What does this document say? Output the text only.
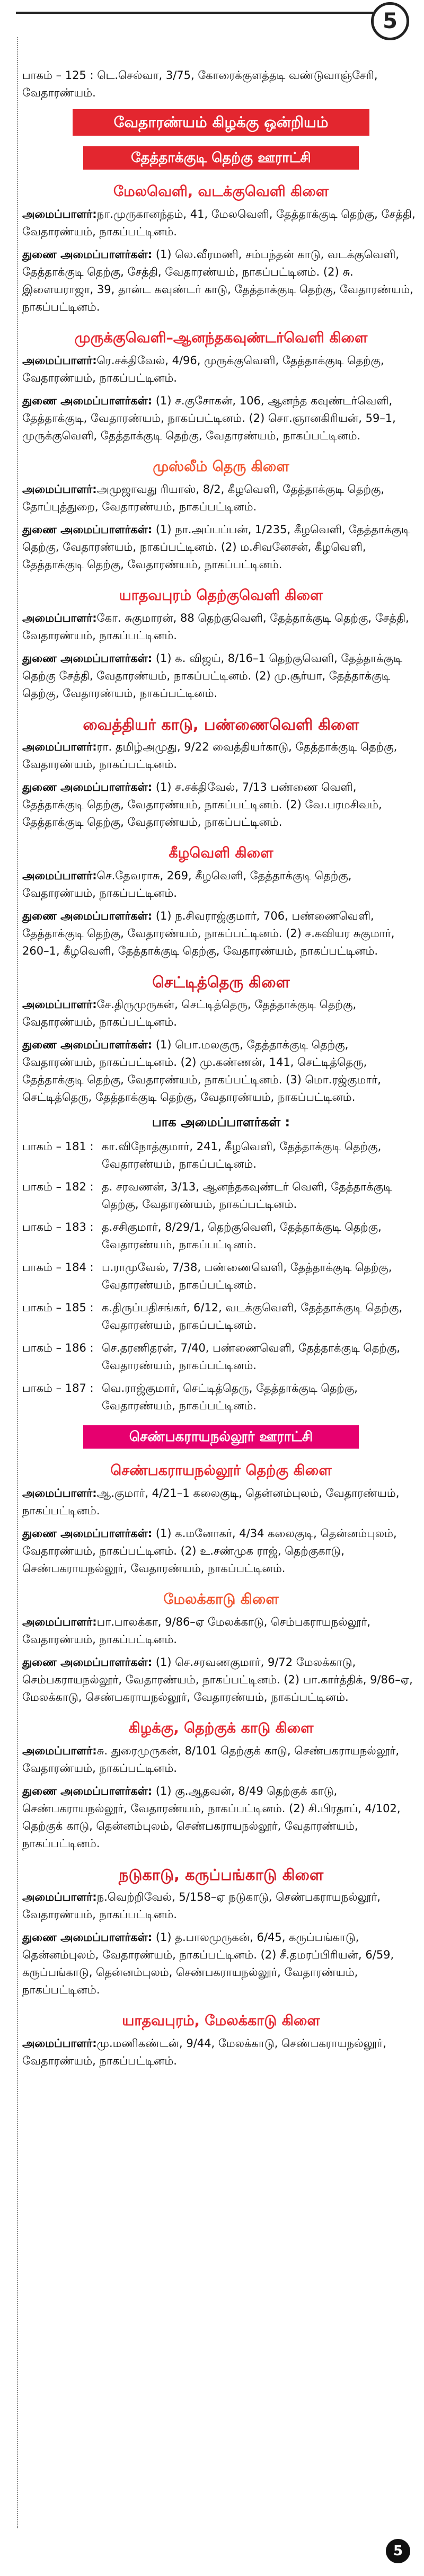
5
பாகம் – 125 : டெ.செல்வா, 3/75, கோரைக்குளத்தடி வண்டுவாஞ்சேரி, வேதாரண்யம்.
வேதாரண்யம் கிழக்கு ஒன்றியம்
தேத்தாக்குடி தெற்கு ஊராட்சி
மேலவெளி, வடக்குவெளி கிளை
அமைப்பாளர்:நா.முருகானந்தம், 41, மேலவெளி, தேத்தாக்குடி தெற்கு, சேத்தி, வேதாரண்யம், நாகப்பட்டினம்.
துணை அமைப்பாளர்கள்: (1) லெ.வீரமணி, சம்பந்தன் காடு, வடக்குவெளி, தேத்தாக்குடி தெற்கு, சேத்தி, வேதாரண்யம், நாகப்பட்டினம். (2) சு. இளையராஜா, 39, தான்ட கவுண்டர் காடு, தேத்தாக்குடி தெற்கு, வேதாரண்யம், நாகப்பட்டினம்.
முருக்குவெளி–ஆனந்தகவுண்டர்வெளி கிளை
அமைப்பாளர்:ரெ.சக்திவேல், 4/96, முருக்குவெளி, தேத்தாக்குடி தெற்கு, வேதாரண்யம், நாகப்பட்டினம்.
துணை அமைப்பாளர்கள்: (1) ச.குசோகன், 106, ஆனந்த கவுண்டர்வெளி, தேத்தாக்குடி, வேதாரண்யம், நாகப்பட்டினம். (2) சொ.ஞானகிரியன், 59–1, முருக்குவெளி, தேத்தாக்குடி தெற்கு, வேதாரண்யம், நாகப்பட்டினம்.
முஸ்லீம் தெரு கிளை
அமைப்பாளர்:அமுஜாவது ரியாஸ், 8/2, கீழவெளி, தேத்தாக்குடி தெற்கு, தோப்புத்துறை, வேதாரண்யம், நாகப்பட்டினம்.
துணை அமைப்பாளர்கள்: (1) நா.அப்பப்பன், 1/235, கீழவெளி, தேத்தாக்குடி தெற்கு, வேதாரண்யம், நாகப்பட்டினம். (2) ம.சிவனேசன், கீழவெளி, தேத்தாக்குடி தெற்கு, வேதாரண்யம், நாகப்பட்டினம்.
யாதவபுரம் தெற்குவெளி கிளை
அமைப்பாளர்:கோ. சுகுமாரன், 88 தெற்குவெளி, தேத்தாக்குடி தெற்கு, சேத்தி, வேதாரண்யம், நாகப்பட்டினம்.
துணை அமைப்பாளர்கள்: (1) க. விஜய், 8/16–1 தெற்குவெளி, தேத்தாக்குடி தெற்கு சேத்தி, வேதாரண்யம், நாகப்பட்டினம். (2) மு.சூர்யா, தேத்தாக்குடி தெற்கு, வேதாரண்யம், நாகப்பட்டினம்.
வைத்தியர் காடு, பண்ணைவெளி கிளை
அமைப்பாளர்:ரா. தமிழ்அமுது, 9/22 வைத்தியர்காடு, தேத்தாக்குடி தெற்கு, வேதாரண்யம், நாகப்பட்டினம்.
துணை அமைப்பாளர்கள்: (1) ச.சக்திவேல், 7/13 பண்ணை வெளி, தேத்தாக்குடி தெற்கு, வேதாரண்யம், நாகப்பட்டினம். (2) வே.பரமசிவம், தேத்தாக்குடி தெற்கு, வேதாரண்யம், நாகப்பட்டினம்.
கீழவெளி கிளை
அமைப்பாளர்:செ.தேவராசு, 269, கீழவெளி, தேத்தாக்குடி தெற்கு, வேதாரண்யம், நாகப்பட்டினம்.
துணை அமைப்பாளர்கள்: (1) ந.சிவராஜ்குமார், 706, பண்ணைவெளி, தேத்தாக்குடி தெற்கு, வேதாரண்யம், நாகப்பட்டினம். (2) ச.கவியர சுகுமார், 260–1, கீழவெளி, தேத்தாக்குடி தெற்கு, வேதாரண்யம், நாகப்பட்டினம்.
செட்டித்தெரு கிளை
அமைப்பாளர்:சே.திருமுருகன், செட்டித்தெரு, தேத்தாக்குடி தெற்கு, வேதாரண்யம், நாகப்பட்டினம்.
துணை அமைப்பாளர்கள்: (1) பொ.மலகுரு, தேத்தாக்குடி தெற்கு, வேதாரண்யம், நாகப்பட்டினம். (2) மு.கண்ணன், 141, செட்டித்தெரு, தேத்தாக்குடி தெற்கு, வேதாரண்யம், நாகப்பட்டினம். (3) மொ.ரஜ்குமார், செட்டித்தெரு, தேத்தாக்குடி தெற்கு, வேதாரண்யம், நாகப்பட்டினம்.
பாக அமைப்பாளர்கள் :
பாகம் – 181 : கா.விநோத்குமார், 241, கீழவெளி, தேத்தாக்குடி தெற்கு, வேதாரண்யம், நாகப்பட்டினம்.
பாகம் – 182 : த. சரவணன், 3/13, ஆனந்தகவுண்டர் வெளி, தேத்தாக்குடி தெற்கு, வேதாரண்யம், நாகப்பட்டினம்.
பாகம் – 183 : த.சசிகுமார், 8/29/1, தெற்குவெளி, தேத்தாக்குடி தெற்கு, வேதாரண்யம், நாகப்பட்டினம்.
பாகம் – 184 : ப.ராமுவேல், 7/38, பண்ணைவெளி, தேத்தாக்குடி தெற்கு, வேதாரண்யம், நாகப்பட்டினம்.
பாகம் – 185 : க.திருப்பதிசங்கர், 6/12, வடக்குவெளி, தேத்தாக்குடி தெற்கு, வேதாரண்யம், நாகப்பட்டினம்.
பாகம் – 186 : செ.தரணிதரன், 7/40, பண்ணைவெளி, தேத்தாக்குடி தெற்கு, வேதாரண்யம், நாகப்பட்டினம்.
பாகம் – 187 : வெ.ராஜ்குமார், செட்டித்தெரு, தேத்தாக்குடி தெற்கு, வேதாரண்யம், நாகப்பட்டினம்.
செண்பகராயநல்லூர் ஊராட்சி
செண்பகராயநல்லூர் தெற்கு கிளை
அமைப்பாளர்:ஆ.குமார், 4/21–1 கலைகுடி, தென்னம்புலம், வேதாரண்யம், நாகப்பட்டினம்.
துணை அமைப்பாளர்கள்: (1) க.மனோகர், 4/34 கலைகுடி, தென்னம்புலம், வேதாரண்யம், நாகப்பட்டினம். (2) உ.சண்முக ராஜ், தெற்குகாடு, செண்பகராயநல்லூர், வேதாரண்யம், நாகப்பட்டினம்.
மேலக்காடு கிளை
அமைப்பாளர்:பா.பாலக்கா, 9/86–ஏ மேலக்காடு, செம்பகராயநல்லூர், வேதாரண்யம், நாகப்பட்டினம்.
துணை அமைப்பாளர்கள்: (1) செ.சரவணகுமார், 9/72 மேலக்காடு, செம்பகராயநல்லூர், வேதாரண்யம், நாகப்பட்டினம். (2) பா.கார்த்திக், 9/86–ஏ, மேலக்காடு, செண்பகராயநல்லூர், வேதாரண்யம், நாகப்பட்டினம்.
கிழக்கு, தெற்குக் காடு கிளை
அமைப்பாளர்:சு. துரைமுருகன், 8/101 தெற்குக் காடு, செண்பகராயநல்லூர், வேதாரண்யம், நாகப்பட்டினம்.
துணை அமைப்பாளர்கள்: (1) கு.ஆதவன், 8/49 தெற்குக் காடு, செண்பகராயநல்லூர், வேதாரண்யம், நாகப்பட்டினம். (2) சி.பிரதாப், 4/102, தெற்குக் காடு, தென்னம்புலம், செண்பகராயநல்லூர், வேதாரண்யம், நாகப்பட்டினம்.
நடுகாடு, கருப்பங்காடு கிளை
அமைப்பாளர்:ந.வெற்றிவேல், 5/158–ஏ நடுகாடு, செண்பகராயநல்லூர், வேதாரண்யம், நாகப்பட்டினம்.
துணை அமைப்பாளர்கள்: (1) த.பாலமுருகன், 6/45, கருப்பங்காடு, தென்னம்புலம், வேதாரண்யம், நாகப்பட்டினம். (2) சீ.தமரப்பிரியன், 6/59, கருப்பங்காடு, தென்னம்புலம், செண்பகராயநல்லூர், வேதாரண்யம், நாகப்பட்டினம்.
யாதவபுரம், மேலக்காடு கிளை
அமைப்பாளர்:மு.மணிகண்டன், 9/44, மேலக்காடு, செண்பகராயநல்லூர், வேதாரண்யம், நாகப்பட்டினம்.
5
